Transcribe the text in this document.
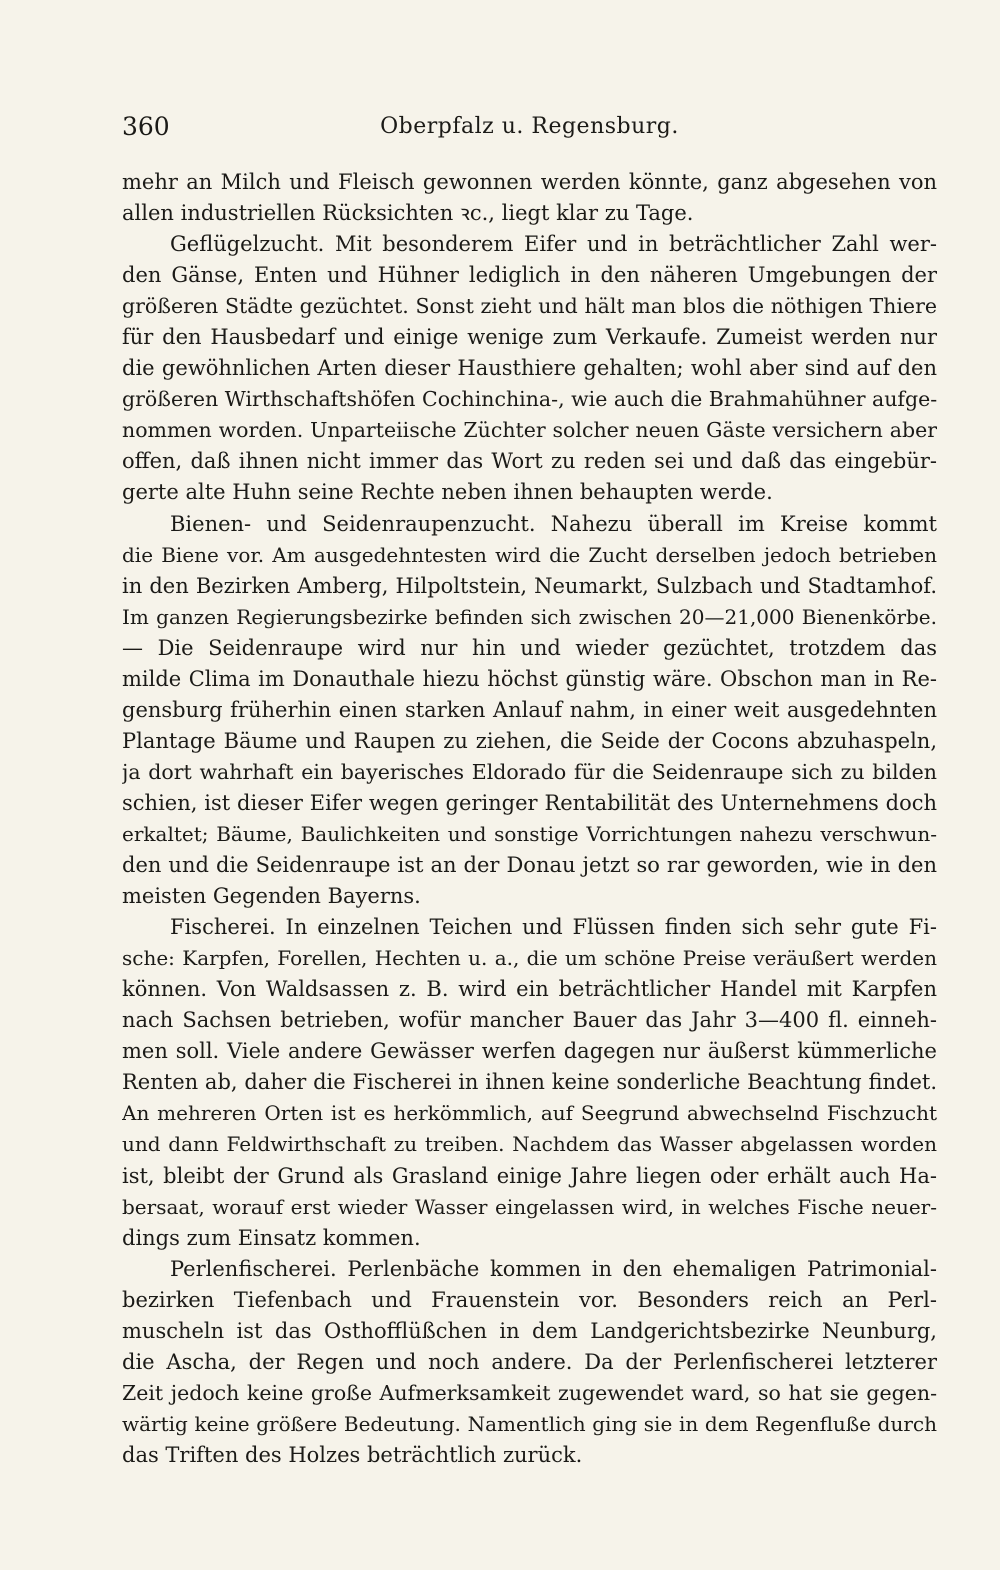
360	Oberpfalz u. Regensburg.
mehr an Milch und Fleisch gewonnen werden könnte, ganz abgesehen von
allen industriellen Rücksichten ꝛc., liegt klar zu Tage.
Geflügelzucht. Mit besonderem Eifer und in beträchtlicher Zahl wer-
den Gänse, Enten und Hühner lediglich in den näheren Umgebungen der
größeren Städte gezüchtet. Sonst zieht und hält man blos die nöthigen Thiere
für den Hausbedarf und einige wenige zum Verkaufe. Zumeist werden nur
die gewöhnlichen Arten dieser Hausthiere gehalten; wohl aber sind auf den
größeren Wirthschaftshöfen Cochinchina-, wie auch die Brahmahühner aufge-
nommen worden. Unparteiische Züchter solcher neuen Gäste versichern aber
offen, daß ihnen nicht immer das Wort zu reden sei und daß das eingebür-
gerte alte Huhn seine Rechte neben ihnen behaupten werde.
Bienen- und Seidenraupenzucht. Nahezu überall im Kreise kommt
die Biene vor. Am ausgedehntesten wird die Zucht derselben jedoch betrieben
in den Bezirken Amberg, Hilpoltstein, Neumarkt, Sulzbach und Stadtamhof.
Im ganzen Regierungsbezirke befinden sich zwischen 20—21,000 Bienenkörbe.
— Die Seidenraupe wird nur hin und wieder gezüchtet, trotzdem das
milde Clima im Donauthale hiezu höchst günstig wäre. Obschon man in Re-
gensburg früherhin einen starken Anlauf nahm, in einer weit ausgedehnten
Plantage Bäume und Raupen zu ziehen, die Seide der Cocons abzuhaspeln,
ja dort wahrhaft ein bayerisches Eldorado für die Seidenraupe sich zu bilden
schien, ist dieser Eifer wegen geringer Rentabilität des Unternehmens doch
erkaltet; Bäume, Baulichkeiten und sonstige Vorrichtungen nahezu verschwun-
den und die Seidenraupe ist an der Donau jetzt so rar geworden, wie in den
meisten Gegenden Bayerns.
Fischerei. In einzelnen Teichen und Flüssen finden sich sehr gute Fi-
sche: Karpfen, Forellen, Hechten u. a., die um schöne Preise veräußert werden
können. Von Waldsassen z. B. wird ein beträchtlicher Handel mit Karpfen
nach Sachsen betrieben, wofür mancher Bauer das Jahr 3—400 fl. einneh-
men soll. Viele andere Gewässer werfen dagegen nur äußerst kümmerliche
Renten ab, daher die Fischerei in ihnen keine sonderliche Beachtung findet.
An mehreren Orten ist es herkömmlich, auf Seegrund abwechselnd Fischzucht
und dann Feldwirthschaft zu treiben. Nachdem das Wasser abgelassen worden
ist, bleibt der Grund als Grasland einige Jahre liegen oder erhält auch Ha-
bersaat, worauf erst wieder Wasser eingelassen wird, in welches Fische neuer-
dings zum Einsatz kommen.
Perlenfischerei. Perlenbäche kommen in den ehemaligen Patrimonial-
bezirken Tiefenbach und Frauenstein vor. Besonders reich an Perl-
muscheln ist das Osthofflüßchen in dem Landgerichtsbezirke Neunburg,
die Ascha, der Regen und noch andere. Da der Perlenfischerei letzterer
Zeit jedoch keine große Aufmerksamkeit zugewendet ward, so hat sie gegen-
wärtig keine größere Bedeutung. Namentlich ging sie in dem Regenfluße durch
das Triften des Holzes beträchtlich zurück.
